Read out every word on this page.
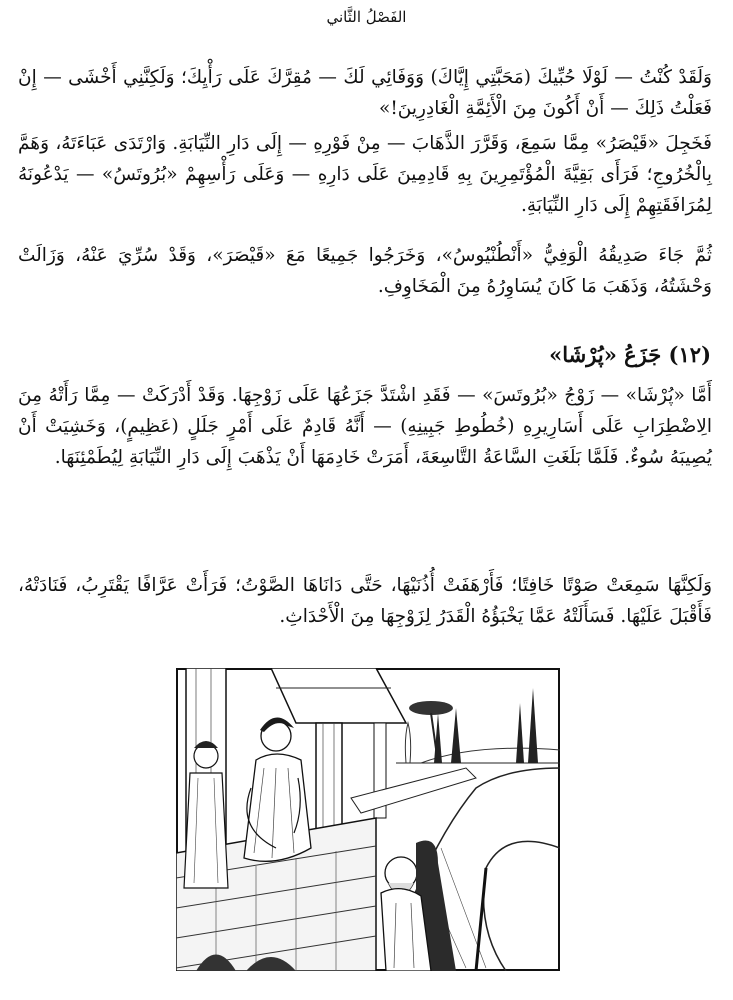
الفَصْلُ الثَّاني

وَلَقَدْ كُنْتُ — لَوْلَا حُبِّيكَ (مَحَبَّتِي إِيَّاكَ) وَوَفَائِي لَكَ — مُقِرَّكَ عَلَى رَأْيِكَ؛ وَلَكِنَّنِي أَخْشَى — إِنْ فَعَلْتُ ذَلِكَ — أَنْ أَكُونَ مِنَ الْأَئِمَّةِ الْغَادِرِينَ!»

فَخَجِلَ «قَيْصَرُ» مِمَّا سَمِعَ، وَقَرَّرَ الذَّهَابَ — مِنْ فَوْرِهِ — إِلَى دَارِ النِّيَابَةِ. وَارْتَدَى عَبَاءَتَهُ، وَهَمَّ بِالْخُرُوجِ؛ فَرَأَى بَقِيَّةَ الْمُؤْتَمِرِينَ بِهِ قَادِمِينَ عَلَى دَارِهِ — وَعَلَى رَأْسِهِمْ «بُرُوتَسُ» — يَدْعُونَهُ لِمُرَافَقَتِهِمْ إِلَى دَارِ النِّيَابَةِ.

ثُمَّ جَاءَ صَدِيقُهُ الْوَفِيُّ «أَنْطُنْيُوسُ»، وَخَرَجُوا جَمِيعًا مَعَ «قَيْصَرَ»، وَقَدْ سُرِّيَ عَنْهُ، وَزَالَتْ وَحْشَتُهُ، وَذَهَبَ مَا كَانَ يُسَاوِرُهُ مِنَ الْمَخَاوِفِ.

(١٢) جَزَعُ «پُرْشَا»

أَمَّا «پُرْشَا» — زَوْجُ «بُرُوتَسَ» — فَقَدِ اشْتَدَّ جَزَعُهَا عَلَى زَوْجِهَا. وَقَدْ أَدْرَكَتْ — مِمَّا رَأَتْهُ مِنَ الِاضْطِرَابِ عَلَى أَسَارِيرِهِ (خُطُوطِ جَبِينِهِ) — أَنَّهُ قَادِمٌ عَلَى أَمْرٍ جَلَلٍ (عَظِيمٍ)، وَخَشِيَتْ أَنْ يُصِيبَهُ سُوءٌ. فَلَمَّا بَلَغَتِ السَّاعَةُ التَّاسِعَةَ، أَمَرَتْ خَادِمَهَا أَنْ يَذْهَبَ إِلَى دَارِ النِّيَابَةِ لِيُطَمْئِنَهَا.

وَلَكِنَّهَا سَمِعَتْ صَوْتًا خَافِتًا؛ فَأَرْهَفَتْ أُذُنَيْهَا، حَتَّى دَانَاهَا الصَّوْتُ؛ فَرَأَتْ عَرَّافًا يَقْتَرِبُ، فَنَادَتْهُ، فَأَقْبَلَ عَلَيْهَا. فَسَأَلَتْهُ عَمَّا يَخْبَؤُهُ الْقَدَرُ لِزَوْجِهَا مِنَ الْأَحْدَاثِ.
